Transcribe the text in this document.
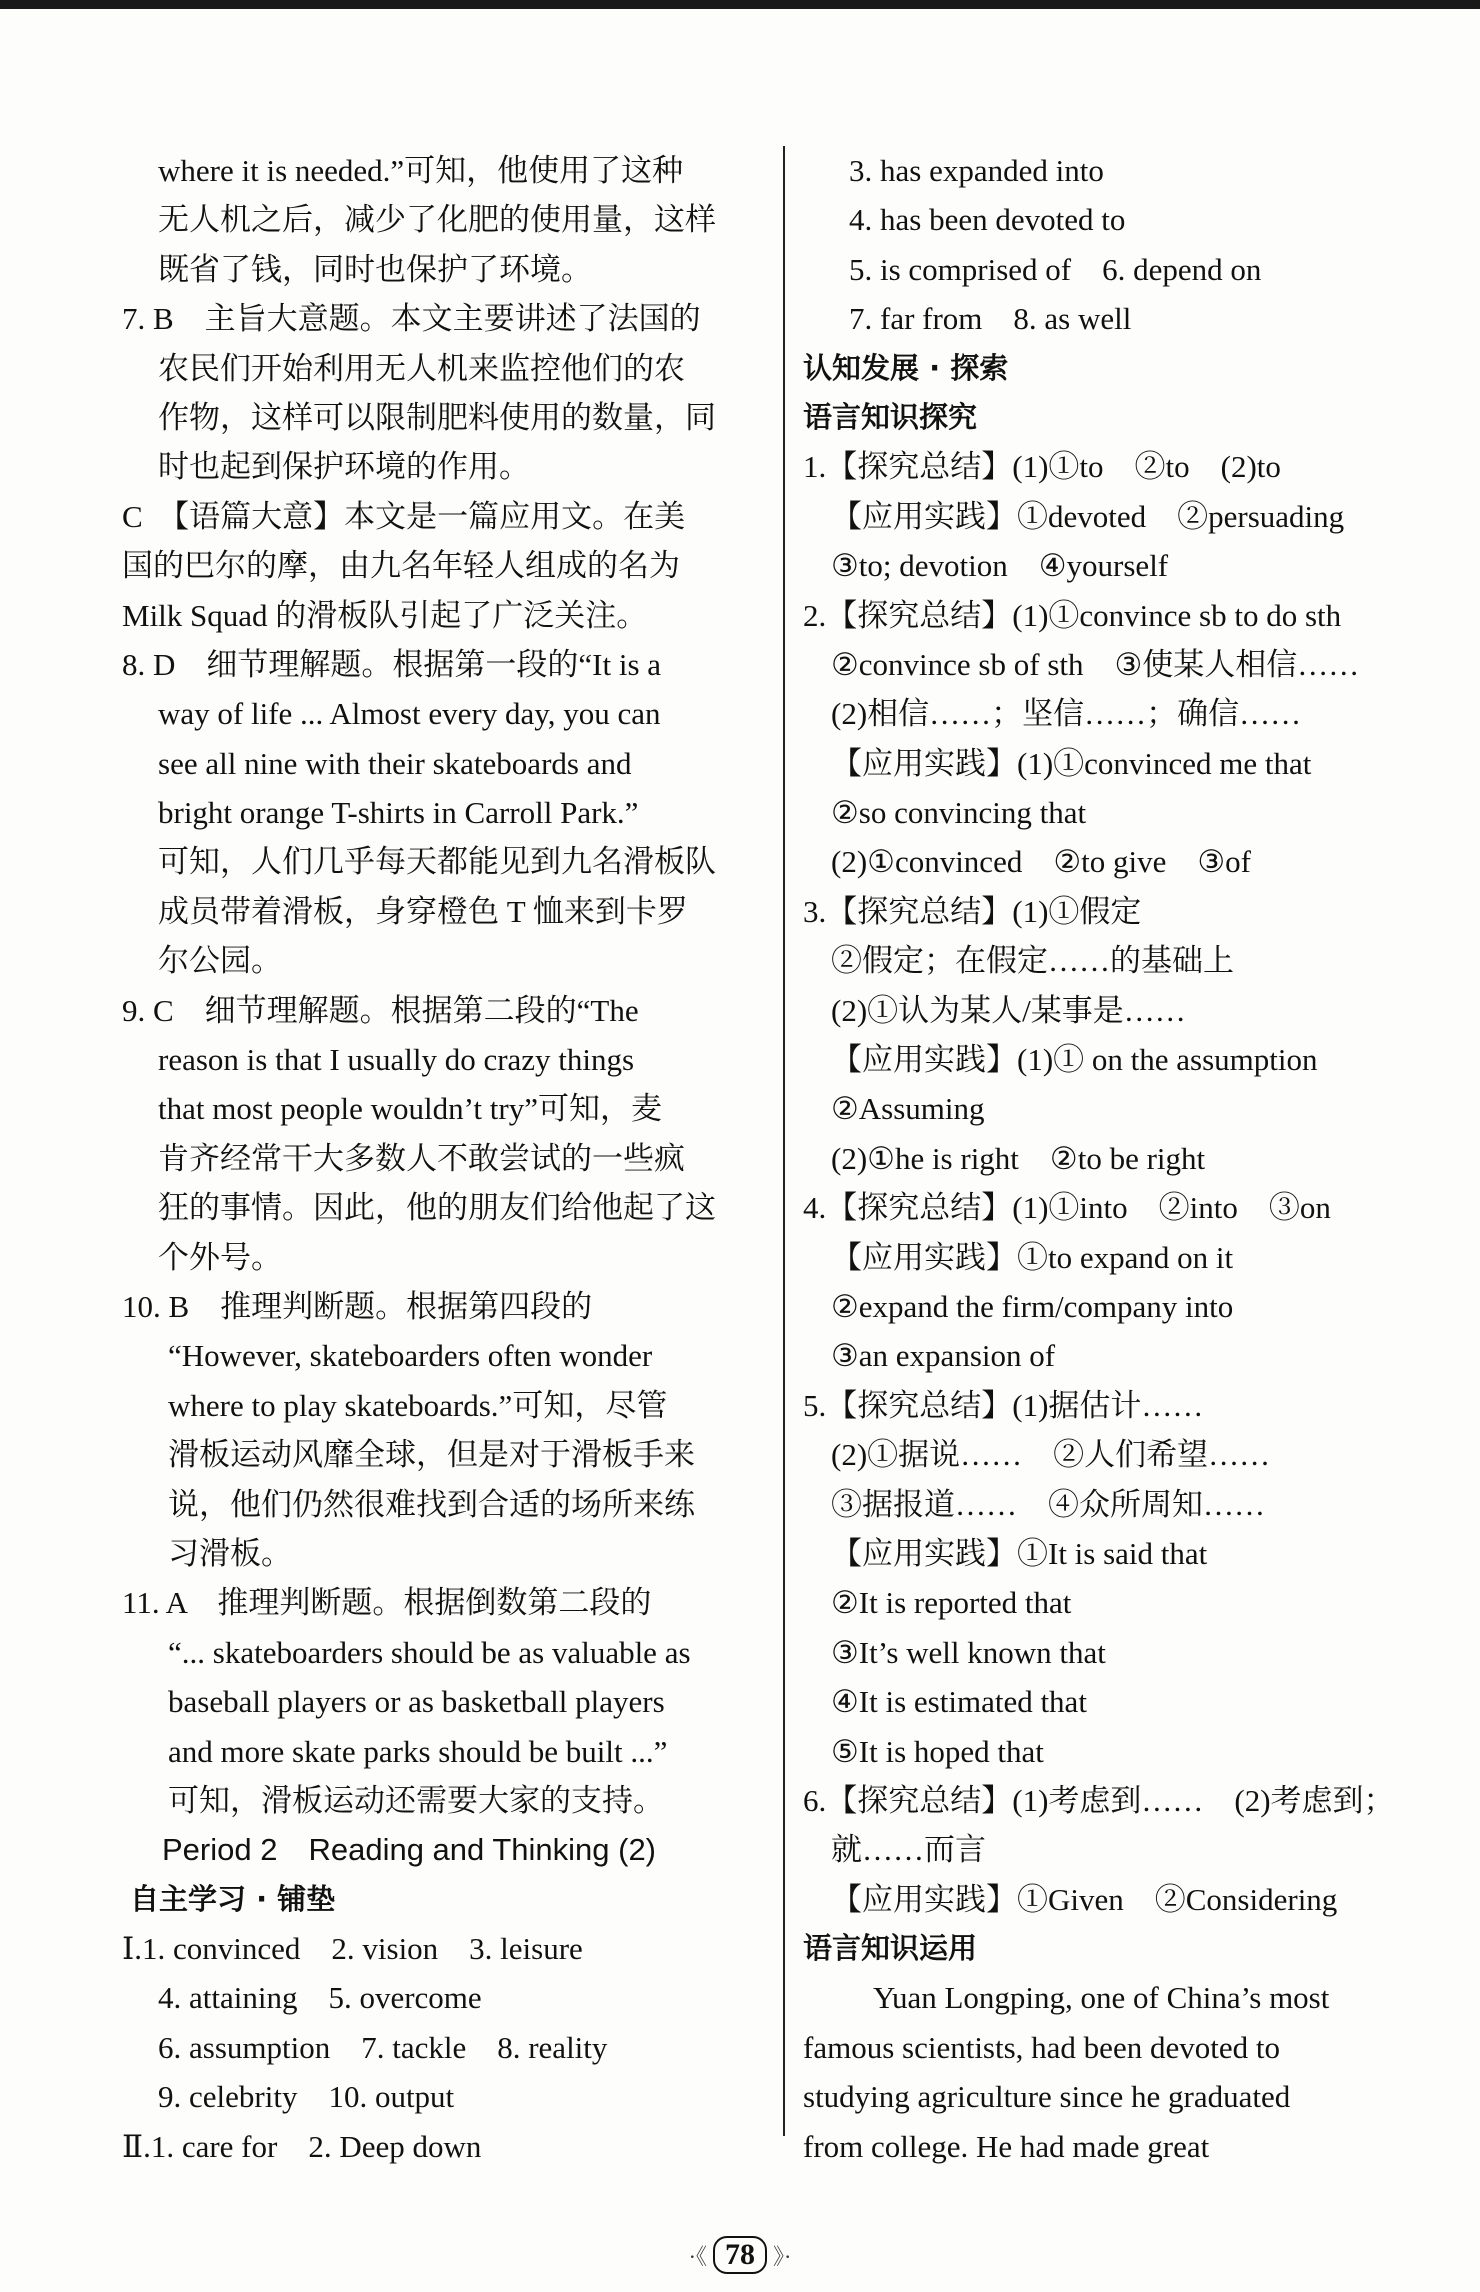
where it is needed.”可知，他使用了这种
无人机之后，减少了化肥的使用量，这样
既省了钱，同时也保护了环境。
7. B　主旨大意题。本文主要讲述了法国的
农民们开始利用无人机来监控他们的农
作物，这样可以限制肥料使用的数量，同
时也起到保护环境的作用。
C　【语篇大意】本文是一篇应用文。在美
国的巴尔的摩，由九名年轻人组成的名为
Milk Squad 的滑板队引起了广泛关注。
8. D　细节理解题。根据第一段的“It is a
way of life ... Almost every day, you can
see all nine with their skateboards and
bright orange T-shirts in Carroll Park.”
可知，人们几乎每天都能见到九名滑板队
成员带着滑板，身穿橙色 T 恤来到卡罗
尔公园。
9. C　细节理解题。根据第二段的“The
reason is that I usually do crazy things
that most people wouldn’t try”可知，麦
肯齐经常干大多数人不敢尝试的一些疯
狂的事情。因此，他的朋友们给他起了这
个外号。
10. B　推理判断题。根据第四段的
“However, skateboarders often wonder
where to play skateboards.”可知，尽管
滑板运动风靡全球，但是对于滑板手来
说，他们仍然很难找到合适的场所来练
习滑板。
11. A　推理判断题。根据倒数第二段的
“... skateboarders should be as valuable as
baseball players or as basketball players
and more skate parks should be built ...”
可知，滑板运动还需要大家的支持。
Period 2　Reading and Thinking (2)
自主学习 · 铺垫
Ⅰ.1. convinced　2. vision　3. leisure
4. attaining　5. overcome
6. assumption　7. tackle　8. reality
9. celebrity　10. output
Ⅱ.1. care for　2. Deep down
3. has expanded into
4. has been devoted to
5. is comprised of　6. depend on
7. far from　8. as well
认知发展 · 探索
语言知识探究
1.【探究总结】(1)①to　②to　(2)to
【应用实践】①devoted　②persuading
③to; devotion　④yourself
2.【探究总结】(1)①convince sb to do sth
②convince sb of sth　③使某人相信……
(2)相信……；坚信……；确信……
【应用实践】(1)①convinced me that
②so convincing that
(2)①convinced　②to give　③of
3.【探究总结】(1)①假定
②假定；在假定……的基础上
(2)①认为某人/某事是……
【应用实践】(1)① on the assumption
②Assuming
(2)①he is right　②to be right
4.【探究总结】(1)①into　②into　③on
【应用实践】①to expand on it
②expand the firm/company into
③an expansion of
5.【探究总结】(1)据估计……
(2)①据说……　②人们希望……
③据报道……　④众所周知……
【应用实践】①It is said that
②It is reported that
③It’s well known that
④It is estimated that
⑤It is hoped that
6.【探究总结】(1)考虑到……　(2)考虑到；
就……而言
【应用实践】①Given　②Considering
语言知识运用
Yuan Longping, one of China’s most
famous scientists, had been devoted to
studying agriculture since he graduated
from college. He had made great
·《 78 》·
